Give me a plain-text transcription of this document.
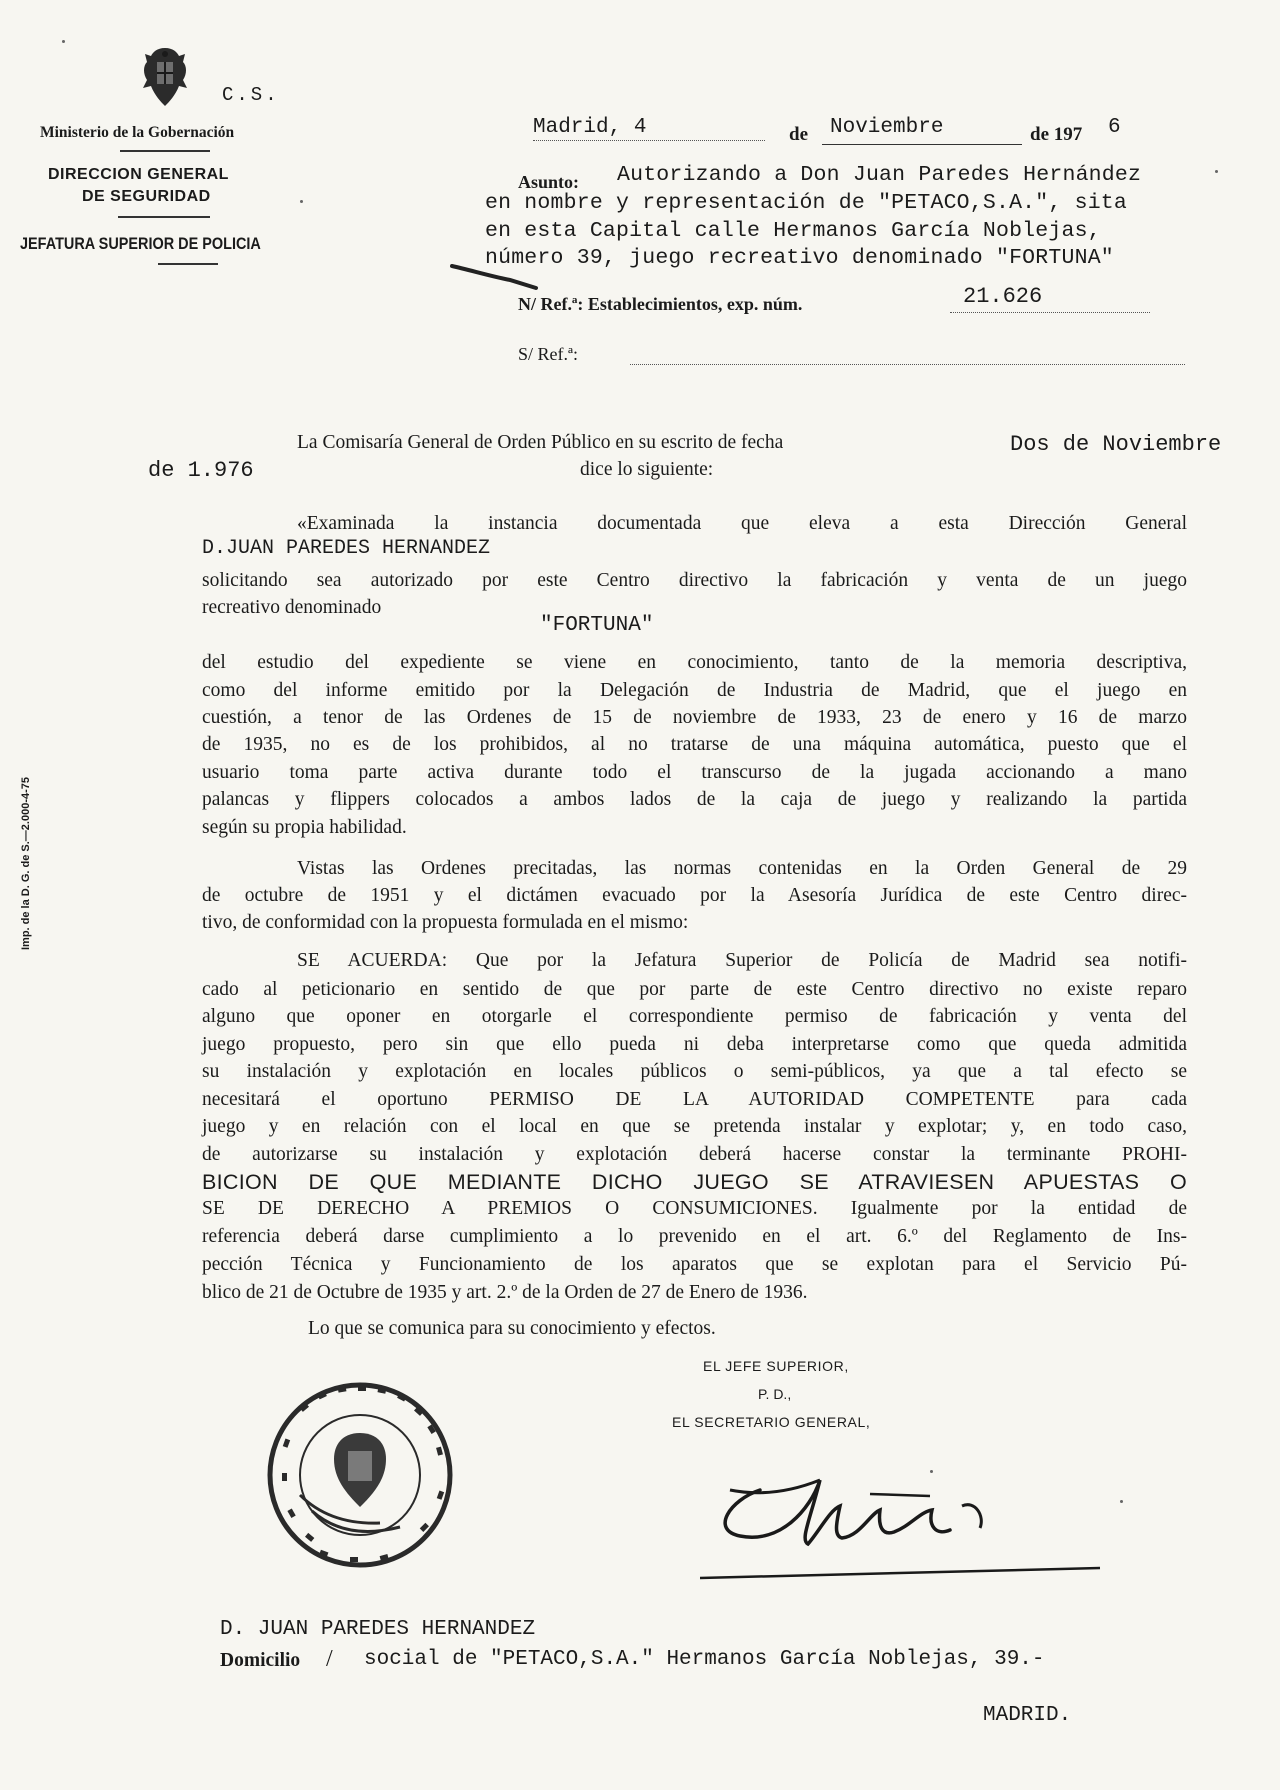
C.S.
Ministerio de la Gobernación
DIRECCION GENERAL
DE SEGURIDAD
JEFATURA SUPERIOR DE POLICIA
Madrid, 4	de Noviembre	de 197 6
Asunto: Autorizando a Don Juan Paredes Hernández
en nombre y representación de "PETACO,S.A.", sita
en esta Capital calle Hermanos García Noblejas,
número 39, juego recreativo denominado "FORTUNA"
N/ Ref.ª: Establecimientos, exp. núm.	21.626
S/ Ref.ª:
La Comisaría General de Orden Público en su escrito de fecha	Dos de Noviembre
de 1.976	dice lo siguiente:
«Examinada la instancia documentada que eleva a esta Dirección General
D.JUAN PAREDES HERNANDEZ
solicitando sea autorizado por este Centro directivo la fabricación y venta de un juego
recreativo denominado
"FORTUNA"
del estudio del expediente se viene en conocimiento, tanto de la memoria descriptiva,
como del informe emitido por la Delegación de Industria de Madrid, que el juego en
cuestión, a tenor de las Ordenes de 15 de noviembre de 1933, 23 de enero y 16 de marzo
de 1935, no es de los prohibidos, al no tratarse de una máquina automática, puesto que el
usuario toma parte activa durante todo el transcurso de la jugada accionando a mano
palancas y flippers colocados a ambos lados de la caja de juego y realizando la partida
según su propia habilidad.
Vistas las Ordenes precitadas, las normas contenidas en la Orden General de 29
de octubre de 1951 y el dictámen evacuado por la Asesoría Jurídica de este Centro direc-
tivo, de conformidad con la propuesta formulada en el mismo:
SE ACUERDA: Que por la Jefatura Superior de Policía de Madrid sea notifi-
cado al peticionario en sentido de que por parte de este Centro directivo no existe reparo
alguno que oponer en otorgarle el correspondiente permiso de fabricación y venta del
juego propuesto, pero sin que ello pueda ni deba interpretarse como que queda admitida
su instalación y explotación en locales públicos o semi-públicos, ya que a tal efecto se
necesitará el oportuno PERMISO DE LA AUTORIDAD COMPETENTE para cada
juego y en relación con el local en que se pretenda instalar y explotar; y, en todo caso,
de autorizarse su instalación y explotación deberá hacerse constar la terminante PROHI-
BICION DE QUE MEDIANTE DICHO JUEGO SE ATRAVIESEN APUESTAS O
SE DE DERECHO A PREMIOS O CONSUMICIONES. Igualmente por la entidad de
referencia deberá darse cumplimiento a lo prevenido en el art. 6.º del Reglamento de Ins-
pección Técnica y Funcionamiento de los aparatos que se explotan para el Servicio Pú-
blico de 21 de Octubre de 1935 y art. 2.º de la Orden de 27 de Enero de 1936.
Lo que se comunica para su conocimiento y efectos.
EL JEFE SUPERIOR,
P. D.,
EL SECRETARIO GENERAL,
Imp. de la D. G. de S.—2.000-4-75
D. JUAN PAREDES HERNANDEZ
Domicilio / social de "PETACO,S.A." Hermanos García Noblejas, 39.-
MADRID.
